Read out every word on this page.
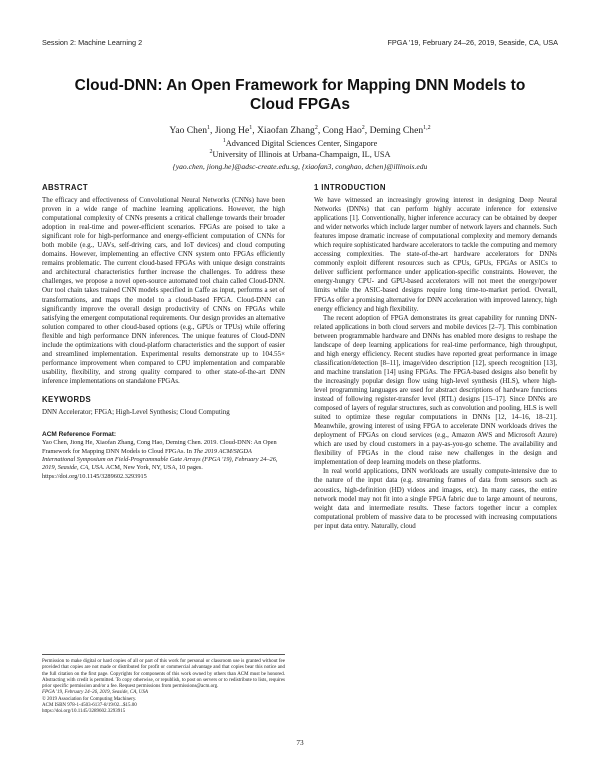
Session 2: Machine Learning 2	FPGA '19, February 24–26, 2019, Seaside, CA, USA
Cloud-DNN: An Open Framework for Mapping DNN Models to Cloud FPGAs
Yao Chen$^1$, Jiong He$^1$, Xiaofan Zhang$^2$, Cong Hao$^2$, Deming Chen$^{1,2}$
$^1$Advanced Digital Sciences Center, Singapore
$^2$University of Illinois at Urbana-Champaign, IL, USA
{yao.chen, jiong.he}@adsc-create.edu.sg, {xiaofan3, conghao, dchen}@illinois.edu
ABSTRACT

The efficacy and effectiveness of Convolutional Neural Networks (CNNs) have been proven in a wide range of machine learning applications. However, the high computational complexity of CNNs presents a critical challenge towards their broader adoption in real-time and power-efficient scenarios. FPGAs are poised to take a significant role for high-performance and energy-efficient computation of CNNs for both mobile (e.g., UAVs, self-driving cars, and IoT devices) and cloud computing domains. However, implementing an effective CNN system onto FPGAs efficiently remains problematic. The current cloud-based FPGAs with unique design constraints and architectural characteristics further increase the challenges. To address these challenges, we propose a novel open-source automated tool chain called Cloud-DNN. Our tool chain takes trained CNN models specified in Caffe as input, performs a set of transformations, and maps the model to a cloud-based FPGA. Cloud-DNN can significantly improve the overall design productivity of CNNs on FPGAs while satisfying the emergent computational requirements. Our design provides an alternative solution compared to other cloud-based options (e.g., GPUs or TPUs) while offering flexible and high performance DNN inferences. The unique features of Cloud-DNN include the optimizations with cloud-platform characteristics and the support of easier and streamlined implementation. Experimental results demonstrate up to 104.55× performance improvement when compared to CPU implementation and comparable usability, flexibility, and strong quality compared to other state-of-the-art DNN inference implementations on standalone FPGAs.

KEYWORDS

DNN Accelerator; FPGA; High-Level Synthesis; Cloud Computing

ACM Reference Format:
Yao Chen, Jiong He, Xiaofan Zhang, Cong Hao, Deming Chen. 2019. Cloud-DNN: An Open Framework for Mapping DNN Models to Cloud FPGAs. In The 2019 ACM/SIGDA International Symposium on Field-Programmable Gate Arrays (FPGA '19), February 24–26, 2019, Seaside, CA, USA. ACM, New York, NY, USA, 10 pages. https://doi.org/10.1145/3289602.3293915

Permission to make digital or hard copies of all or part of this work for personal or classroom use is granted without fee provided that copies are not made or distributed for profit or commercial advantage and that copies bear this notice and the full citation on the first page. Copyrights for components of this work owned by others than ACM must be honored. Abstracting with credit is permitted. To copy otherwise, or republish, to post on servers or to redistribute to lists, requires prior specific permission and/or a fee. Request permissions from permissions@acm.org.

FPGA '19, February 24–26, 2019, Seaside, CA, USA

© 2019 Association for Computing Machinery.

ACM ISBN 978-1-4503-6137-8/19/02...$15.00

https://doi.org/10.1145/3289602.3293915

1 INTRODUCTION

We have witnessed an increasingly growing interest in designing Deep Neural Networks (DNNs) that can perform highly accurate inference for extensive applications [1]. Conventionally, higher inference accuracy can be obtained by deeper and wider networks which include larger number of network layers and channels. Such features impose dramatic increase of computational complexity and memory demands which require sophisticated hardware accelerators to tackle the computing and memory accessing complexities. The state-of-the-art hardware accelerators for DNNs commonly exploit different resources such as CPUs, GPUs, FPGAs or ASICs to deliver sufficient performance under application-specific constraints. However, the energy-hungry CPU- and GPU-based accelerators will not meet the energy/power limits while the ASIC-based designs require long time-to-market period. Overall, FPGAs offer a promising alternative for DNN acceleration with improved latency, high energy efficiency and high flexibility.

The recent adoption of FPGA demonstrates its great capability for running DNN-related applications in both cloud servers and mobile devices [2–7]. This combination between programmable hardware and DNNs has enabled more designs to reshape the landscape of deep learning applications for real-time performance, high throughput, and high energy efficiency. Recent studies have reported great performance in image classification/detection [8–11], image/video description [12], speech recognition [13], and machine translation [14] using FPGAs. The FPGA-based designs also benefit by the increasingly popular design flow using high-level synthesis (HLS), where high-level programming languages are used for abstract descriptions of hardware functions instead of following register-transfer level (RTL) designs [15–17]. Since DNNs are composed of layers of regular structures, such as convolution and pooling, HLS is well suited to optimize these regular computations in DNNs [12, 14–16, 18–21]. Meanwhile, growing interest of using FPGA to accelerate DNN workloads drives the deployment of FPGAs on cloud services (e.g., Amazon AWS and Microsoft Azure) which are used by cloud customers in a pay-as-you-go scheme. The availability and flexibility of FPGAs in the cloud raise new challenges in the design and implementation of deep learning models on these platforms.

In real world applications, DNN workloads are usually compute-intensive due to the nature of the input data (e.g. streaming frames of data from sensors such as acoustics, high-definition (HD) videos and images, etc). In many cases, the entire network model may not fit into a single FPGA fabric due to large amount of neurons, weight data and intermediate results. These factors together incur a complex computational problem of massive data to be processed with increasing computations per input data entry. Naturally, cloud

73
